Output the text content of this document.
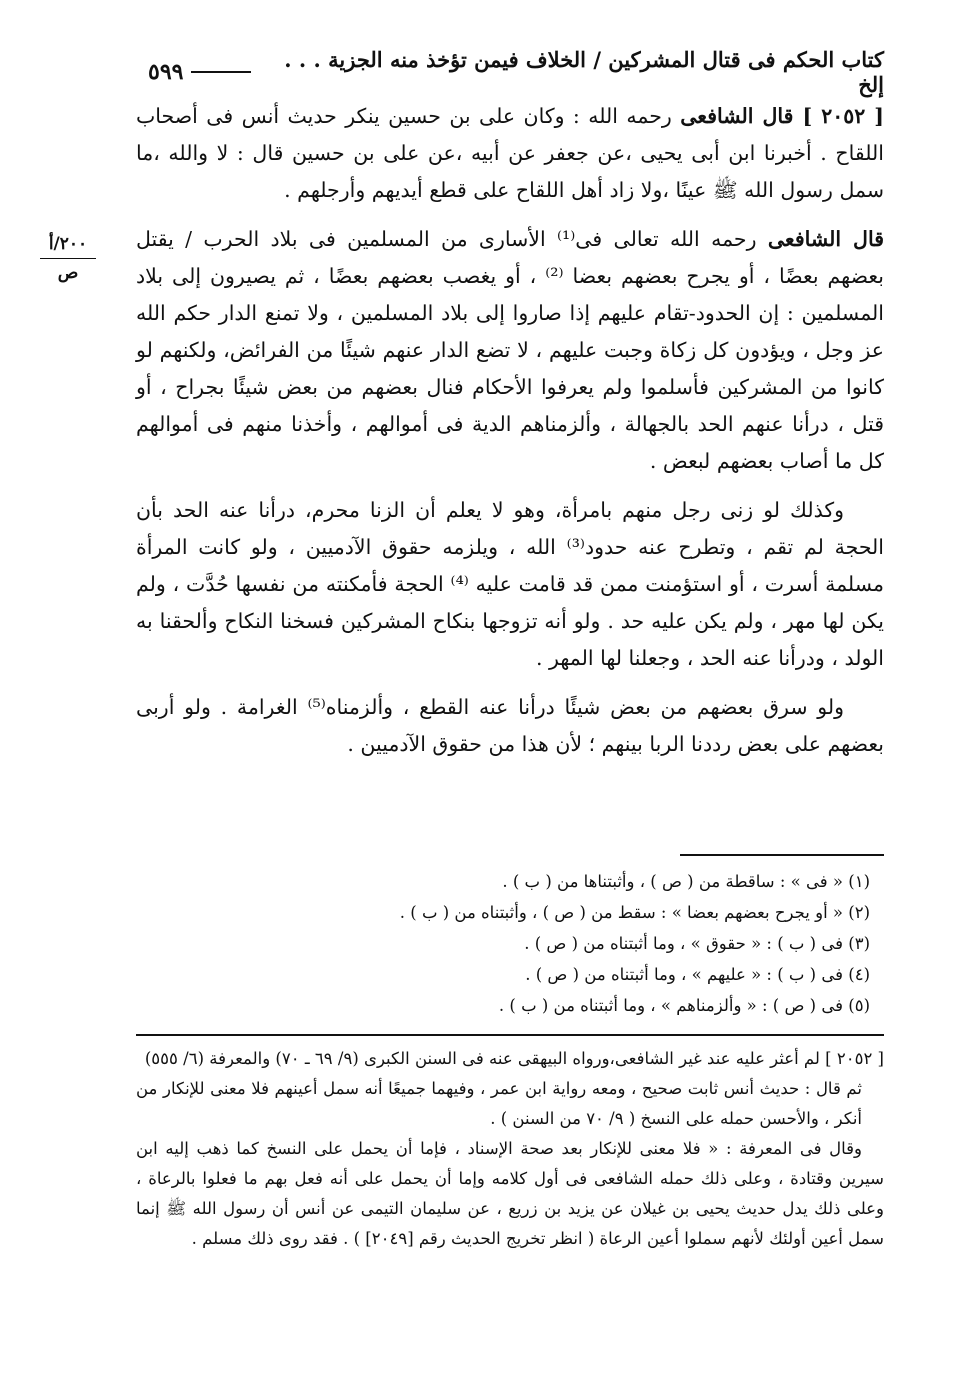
كتاب الحكم فى قتال المشركين / الخلاف فيمن تؤخذ منه الجزية . . . إلخ
٥٩٩
٢٠٠/أ
ص

[ ٢٠٥٢ ] قال الشافعى رحمه الله : وكان على بن حسين ينكر حديث أنس فى أصحاب اللقاح . أخبرنا ابن أبى يحيى ،عن جعفر عن أبيه ،عن على بن حسين قال : لا والله ،ما سمل رسول الله ﷺ عينًا ،ولا زاد أهل اللقاح على قطع أيديهم وأرجلهم .

قال الشافعى رحمه الله تعالى فى⁽¹⁾ الأسارى من المسلمين فى بلاد الحرب / يقتل بعضهم بعضًا ، أو يجرح بعضهم بعضا ⁽²⁾ ، أو يغصب بعضهم بعضًا ، ثم يصيرون إلى بلاد المسلمين : إن الحدود-تقام عليهم إذا صاروا إلى بلاد المسلمين ، ولا تمنع الدار حكم الله عز وجل ، ويؤدون كل زكاة وجبت عليهم ، لا تضع الدار عنهم شيئًا من الفرائض، ولكنهم لو كانوا من المشركين فأسلموا ولم يعرفوا الأحكام فنال بعضهم من بعض شيئًا بجراح ، أو قتل ، درأنا عنهم الحد بالجهالة ، وألزمناهم الدية فى أموالهم ، وأخذنا منهم فى أموالهم كل ما أصاب بعضهم لبعض .

وكذلك لو زنى رجل منهم بامرأة، وهو لا يعلم أن الزنا محرم، درأنا عنه الحد بأن الحجة لم تقم ، وتطرح عنه حدود⁽³⁾ الله ، ويلزمه حقوق الآدميين ، ولو كانت المرأة مسلمة أسرت ، أو استؤمنت ممن قد قامت عليه ⁽⁴⁾ الحجة فأمكنته من نفسها حُدَّت ، ولم يكن لها مهر ، ولم يكن عليه حد . ولو أنه تزوجها بنكاح المشركين فسخنا النكاح وألحقنا به الولد ، ودرأنا عنه الحد ، وجعلنا لها المهر .

ولو سرق بعضهم من بعض شيئًا درأنا عنه القطع ، وألزمناه⁽⁵⁾ الغرامة . ولو أربى بعضهم على بعض رددنا الربا بينهم ؛ لأن هذا من حقوق الآدميين .

(١) « فى » : ساقطة من ( ص ) ، وأثبتناها من ( ب ) .
(٢) « أو يجرح بعضهم بعضا » : سقط من ( ص ) ، وأثبتناه من ( ب ) .
(٣) فى ( ب ) : « حقوق » ، وما أثبتناه من ( ص ) .
(٤) فى ( ب ) : « عليهم » ، وما أثبتناه من ( ص ) .
(٥) فى ( ص ) : « وألزمناهم » ، وما أثبتناه من ( ب ) .

[ ٢٠٥٢ ] لم أعثر عليه عند غير الشافعى،ورواه البيهقى عنه فى السنن الكبرى (٩/ ٦٩ ـ ٧٠) والمعرفة (٦/ ٥٥٥)

ثم قال : حديث أنس ثابت صحيح ، ومعه رواية ابن عمر ، وفيهما جميعًا أنه سمل أعينهم فلا معنى للإنكار من أنكر ، والأحسن حمله على النسخ ( ٩/ ٧٠ من السنن ) .

وقال فى المعرفة : « فلا معنى للإنكار بعد صحة الإسناد ، فإما أن يحمل على النسخ كما ذهب إليه ابن سيرين وقتادة ، وعلى ذلك حمله الشافعى فى أول كلامه وإما أن يحمل على أنه فعل بهم ما فعلوا بالرعاة ، وعلى ذلك يدل حديث يحيى بن غيلان عن يزيد بن زريع ، عن سليمان التيمى عن أنس أن رسول الله ﷺ إنما سمل أعين أولئك لأنهم سملوا أعين الرعاة ( انظر تخريج الحديث رقم [٢٠٤٩] ) . فقد روى ذلك مسلم .
